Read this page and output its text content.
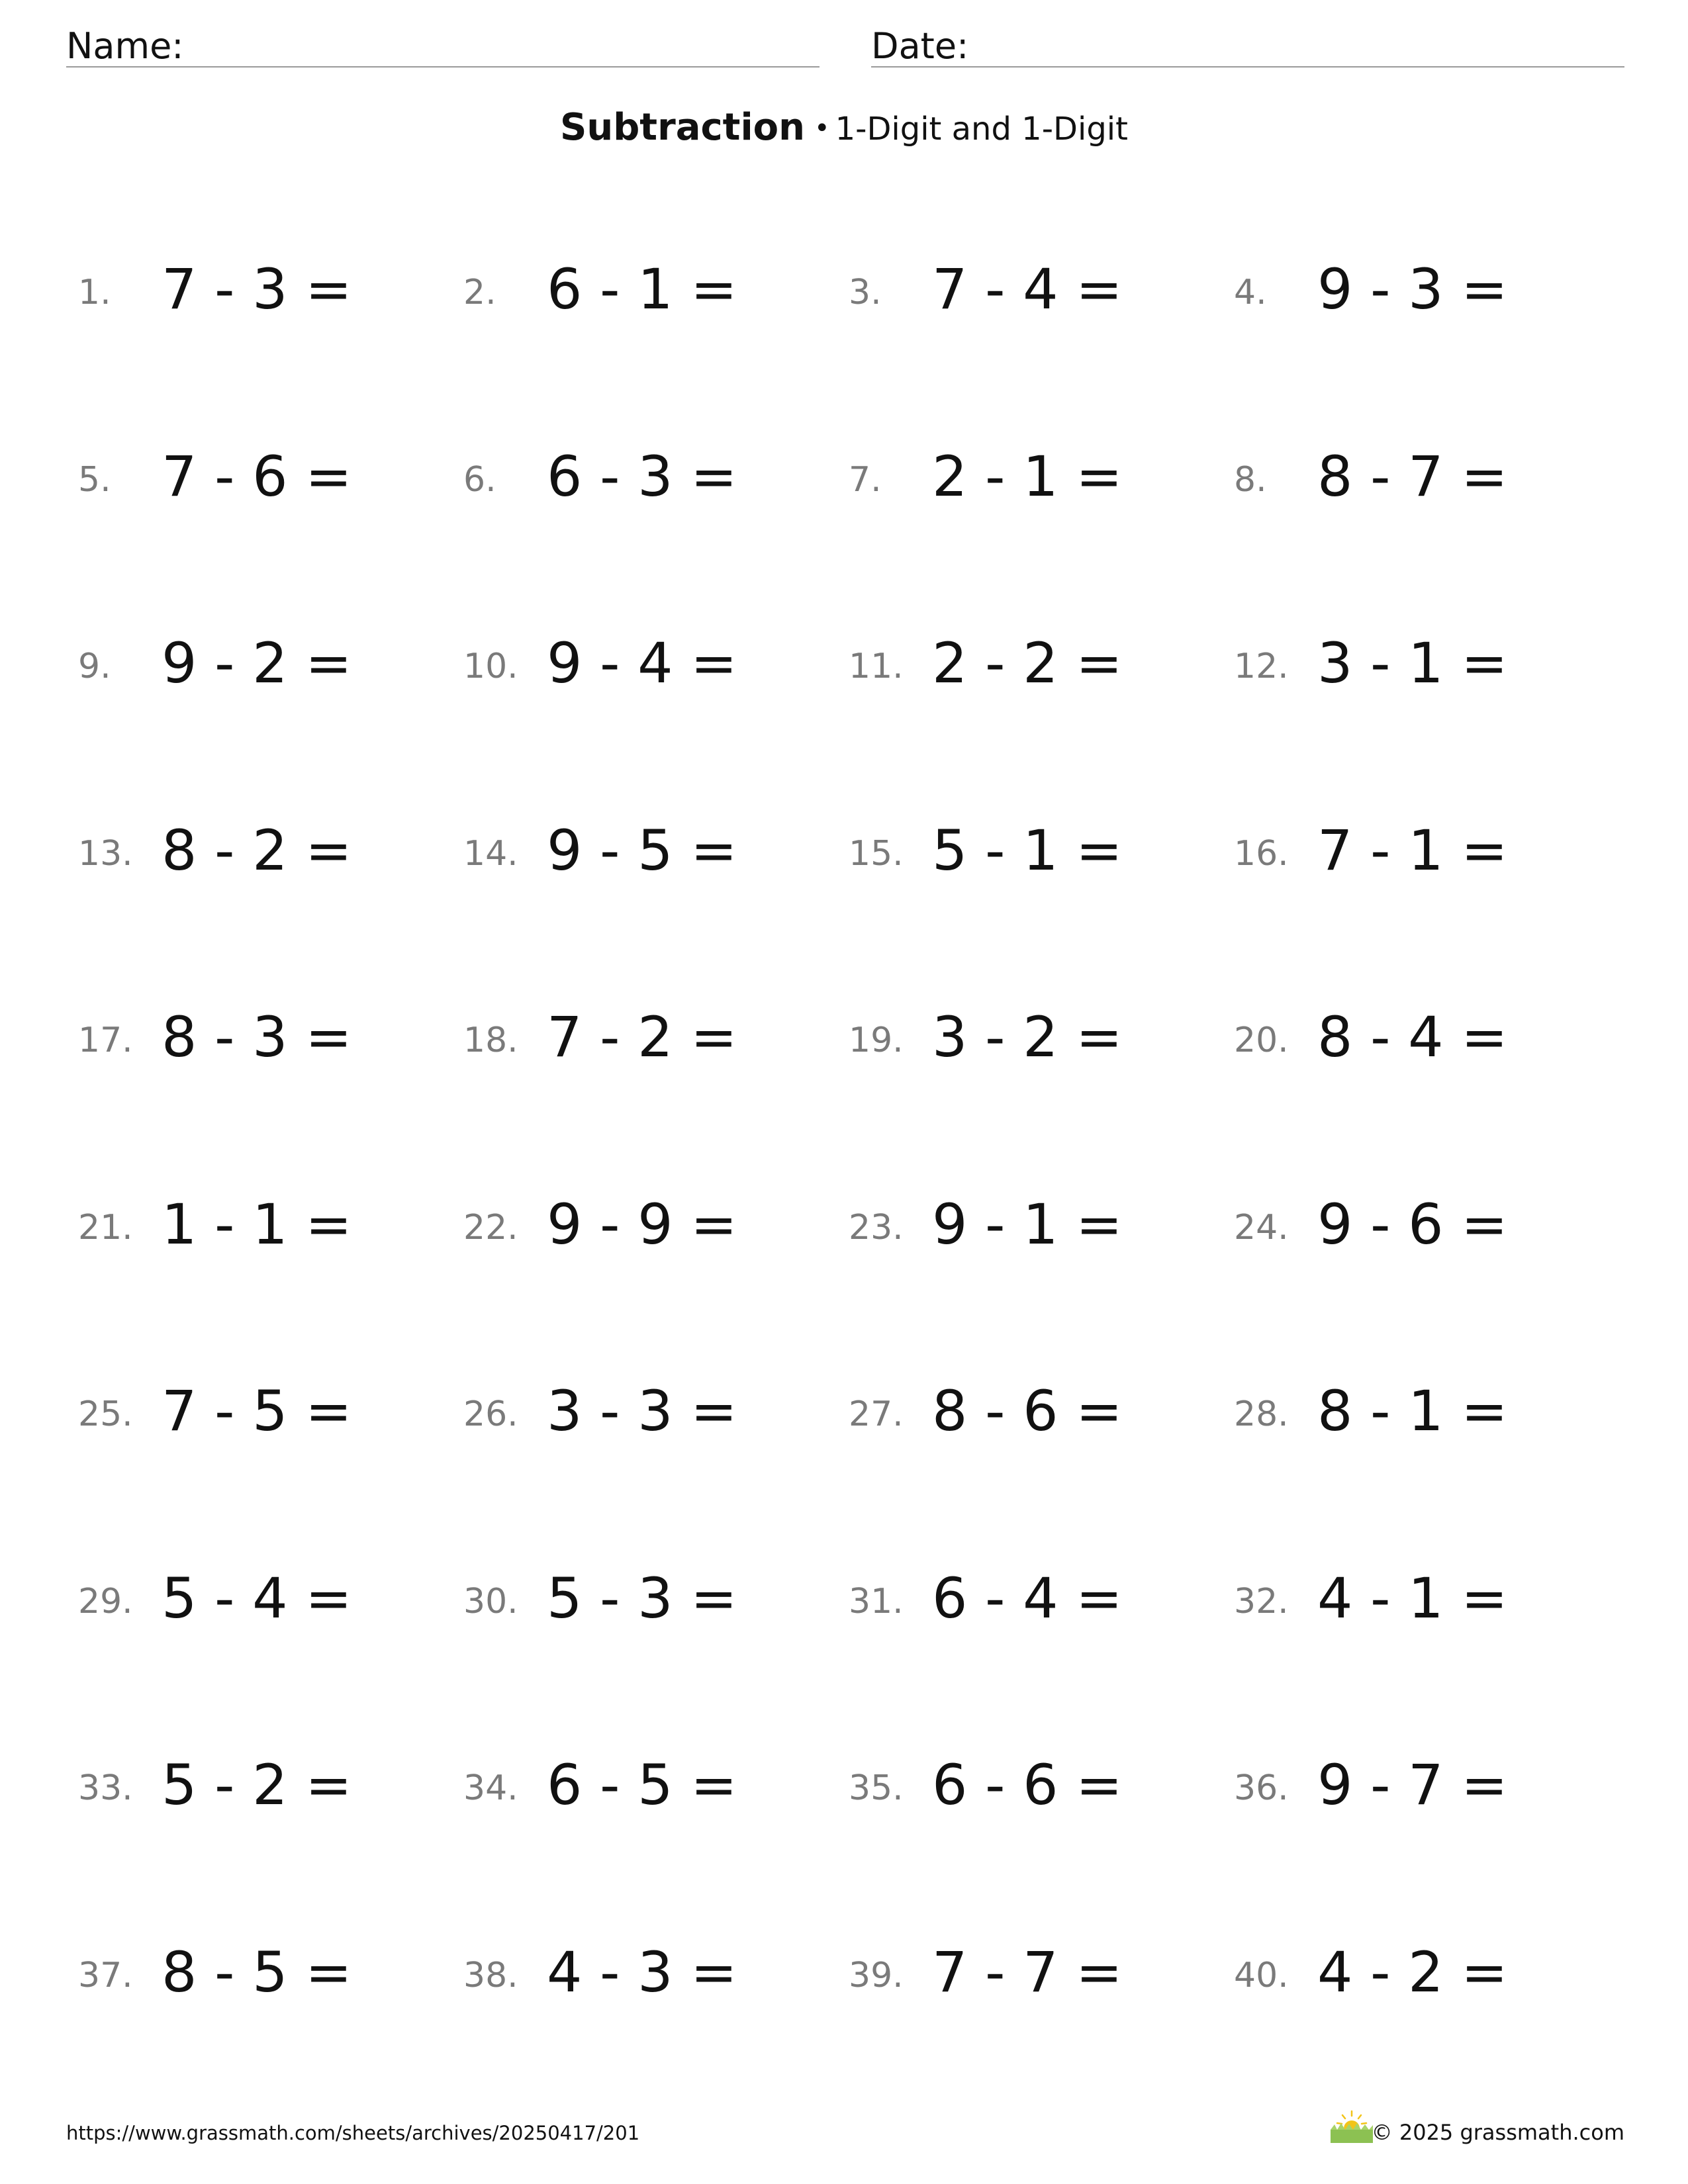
Name:	Date:
Subtraction • 1-Digit and 1-Digit
1. 7 - 3 =	2. 6 - 1 =	3. 7 - 4 =	4. 9 - 3 =
5. 7 - 6 =	6. 6 - 3 =	7. 2 - 1 =	8. 8 - 7 =
9. 9 - 2 =	10. 9 - 4 =	11. 2 - 2 =	12. 3 - 1 =
13. 8 - 2 =	14. 9 - 5 =	15. 5 - 1 =	16. 7 - 1 =
17. 8 - 3 =	18. 7 - 2 =	19. 3 - 2 =	20. 8 - 4 =
21. 1 - 1 =	22. 9 - 9 =	23. 9 - 1 =	24. 9 - 6 =
25. 7 - 5 =	26. 3 - 3 =	27. 8 - 6 =	28. 8 - 1 =
29. 5 - 4 =	30. 5 - 3 =	31. 6 - 4 =	32. 4 - 1 =
33. 5 - 2 =	34. 6 - 5 =	35. 6 - 6 =	36. 9 - 7 =
37. 8 - 5 =	38. 4 - 3 =	39. 7 - 7 =	40. 4 - 2 =
https://www.grassmath.com/sheets/archives/20250417/201	© 2025 grassmath.com
